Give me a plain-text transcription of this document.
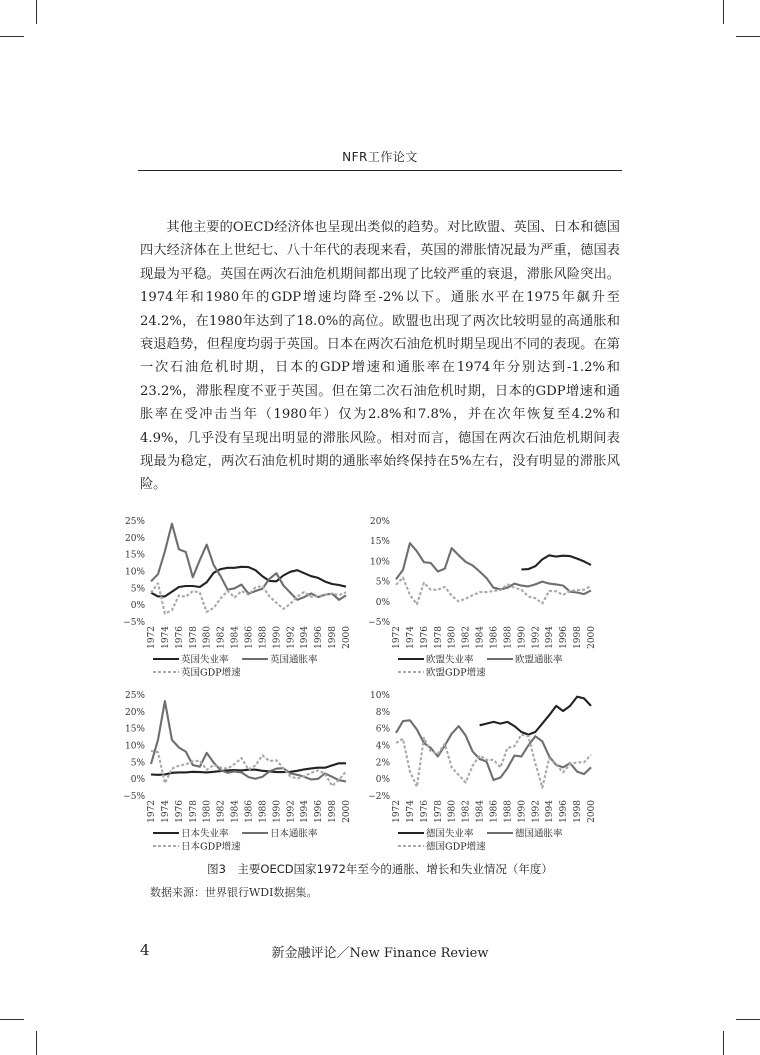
NFR工作论文

其他主要的OECD经济体也呈现出类似的趋势。对比欧盟、英国、日本和德国四大经济体在上世纪七、八十年代的表现来看，英国的滞胀情况最为严重，德国表现最为平稳。英国在两次石油危机期间都出现了比较严重的衰退，滞胀风险突出。1974年和1980年的GDP增速均降至-2%以下。通胀水平在1975年飙升至24.2%，在1980年达到了18.0%的高位。欧盟也出现了两次比较明显的高通胀和衰退趋势，但程度均弱于英国。日本在两次石油危机时期呈现出不同的表现。在第一次石油危机时期，日本的GDP增速和通胀率在1974年分别达到-1.2%和23.2%，滞胀程度不亚于英国。但在第二次石油危机时期，日本的GDP增速和通胀率在受冲击当年（1980年）仅为2.8%和7.8%，并在次年恢复至4.2%和4.9%，几乎没有呈现出明显的滞胀风险。相对而言，德国在两次石油危机期间表现最为稳定，两次石油危机时期的通胀率始终保持在5%左右，没有明显的滞胀风险。

25%
20%
15%
10%
5%
0%
−5%
1972 1974 1976 1978 1980 1982 1984 1986 1988 1990 1992 1994 1996 1998 2000
英国失业率	英国通胀率
英国GDP增速
20%
15%
10%
5%
0%
−5%
1972 1974 1976 1978 1980 1982 1984 1986 1988 1990 1992 1994 1996 1998 2000
欧盟失业率	欧盟通胀率
欧盟GDP增速
25%
20%
15%
10%
5%
0%
−5%
1972 1974 1976 1978 1980 1982 1984 1986 1988 1990 1992 1994 1996 1998 2000
日本失业率	日本通胀率
日本GDP增速
10%
8%
6%
4%
2%
0%
−2%
1972 1974 1976 1978 1980 1982 1984 1986 1988 1990 1992 1994 1996 1998 2000
德国失业率	德国通胀率
德国GDP增速
图3　主要OECD国家1972年至今的通胀、增长和失业情况（年度）
数据来源：世界银行WDI数据集。
4	新金融评论／New Finance Review
